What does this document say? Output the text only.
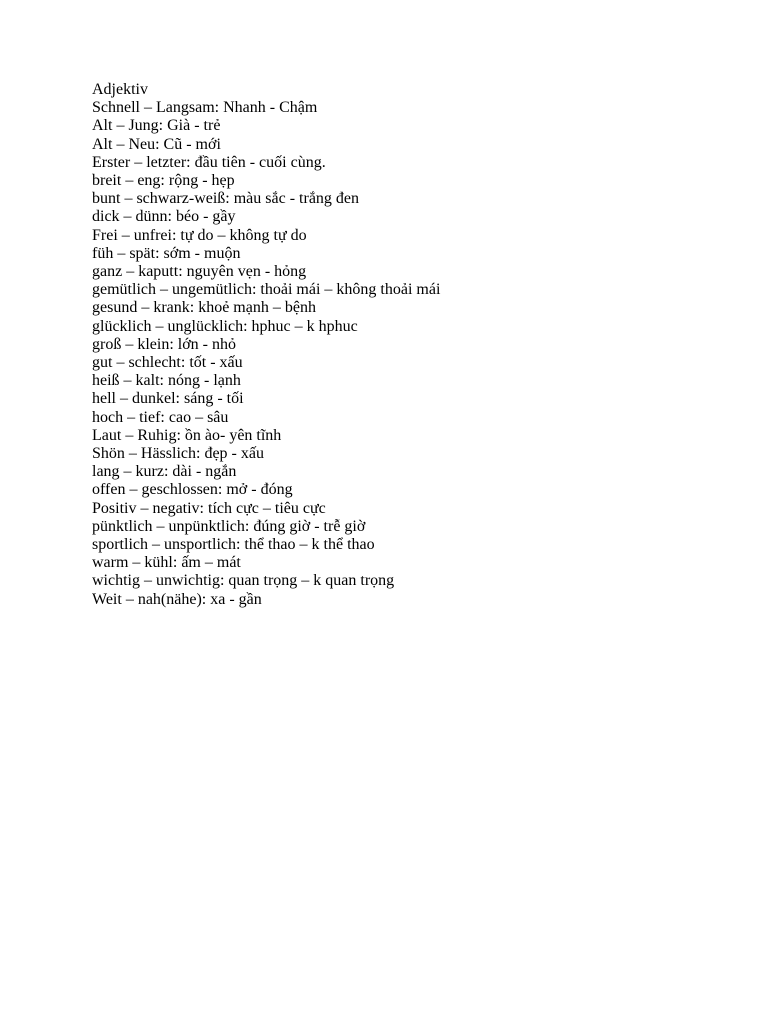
Adjektiv
Schnell – Langsam: Nhanh - Chậm
Alt – Jung: Già - trẻ
Alt – Neu: Cũ - mới
Erster – letzter: đầu tiên - cuối cùng.
breit – eng: rộng - hẹp
bunt – schwarz-weiß: màu sắc - trắng đen
dick – dünn: béo - gầy
Frei – unfrei: tự do – không tự do
füh – spät: sớm - muộn
ganz – kaputt: nguyên vẹn - hỏng
gemütlich – ungemütlich: thoải mái – không thoải mái
gesund – krank: khoẻ mạnh – bệnh
glücklich – unglücklich: hphuc – k hphuc
groß – klein: lớn - nhỏ
gut – schlecht: tốt - xấu
heiß – kalt: nóng - lạnh
hell – dunkel: sáng - tối
hoch – tief: cao – sâu
Laut – Ruhig: ồn ào- yên tĩnh
Shön – Hässlich: đẹp - xấu
lang – kurz: dài - ngắn
offen – geschlossen: mở - đóng
Positiv – negativ: tích cực – tiêu cực
pünktlich – unpünktlich: đúng giờ - trễ giờ
sportlich – unsportlich: thể thao – k thể thao
warm – kühl: ấm – mát
wichtig – unwichtig: quan trọng – k quan trọng
Weit – nah(nähe): xa - gần
